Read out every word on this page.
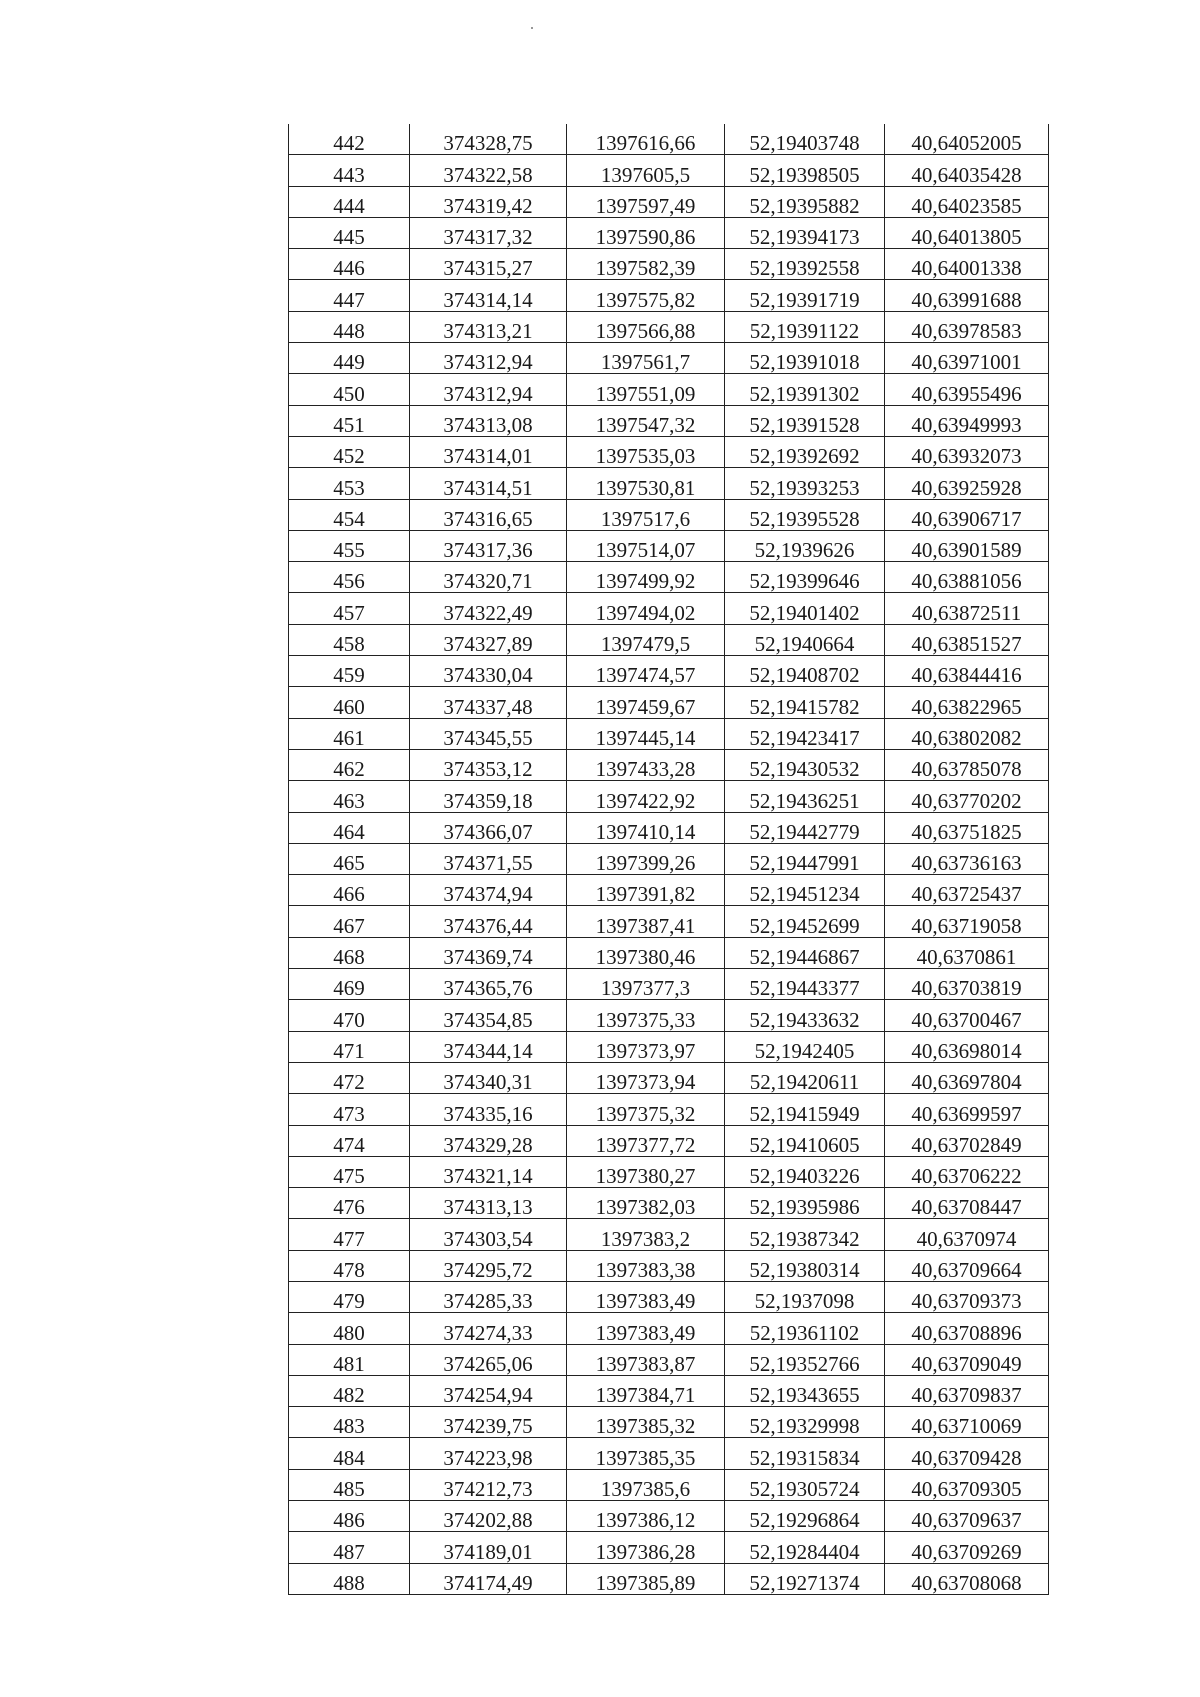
442	374328,75	1397616,66	52,19403748	40,64052005
443	374322,58	1397605,5	52,19398505	40,64035428
444	374319,42	1397597,49	52,19395882	40,64023585
445	374317,32	1397590,86	52,19394173	40,64013805
446	374315,27	1397582,39	52,19392558	40,64001338
447	374314,14	1397575,82	52,19391719	40,63991688
448	374313,21	1397566,88	52,19391122	40,63978583
449	374312,94	1397561,7	52,19391018	40,63971001
450	374312,94	1397551,09	52,19391302	40,63955496
451	374313,08	1397547,32	52,19391528	40,63949993
452	374314,01	1397535,03	52,19392692	40,63932073
453	374314,51	1397530,81	52,19393253	40,63925928
454	374316,65	1397517,6	52,19395528	40,63906717
455	374317,36	1397514,07	52,1939626	40,63901589
456	374320,71	1397499,92	52,19399646	40,63881056
457	374322,49	1397494,02	52,19401402	40,63872511
458	374327,89	1397479,5	52,1940664	40,63851527
459	374330,04	1397474,57	52,19408702	40,63844416
460	374337,48	1397459,67	52,19415782	40,63822965
461	374345,55	1397445,14	52,19423417	40,63802082
462	374353,12	1397433,28	52,19430532	40,63785078
463	374359,18	1397422,92	52,19436251	40,63770202
464	374366,07	1397410,14	52,19442779	40,63751825
465	374371,55	1397399,26	52,19447991	40,63736163
466	374374,94	1397391,82	52,19451234	40,63725437
467	374376,44	1397387,41	52,19452699	40,63719058
468	374369,74	1397380,46	52,19446867	40,6370861
469	374365,76	1397377,3	52,19443377	40,63703819
470	374354,85	1397375,33	52,19433632	40,63700467
471	374344,14	1397373,97	52,1942405	40,63698014
472	374340,31	1397373,94	52,19420611	40,63697804
473	374335,16	1397375,32	52,19415949	40,63699597
474	374329,28	1397377,72	52,19410605	40,63702849
475	374321,14	1397380,27	52,19403226	40,63706222
476	374313,13	1397382,03	52,19395986	40,63708447
477	374303,54	1397383,2	52,19387342	40,6370974
478	374295,72	1397383,38	52,19380314	40,63709664
479	374285,33	1397383,49	52,1937098	40,63709373
480	374274,33	1397383,49	52,19361102	40,63708896
481	374265,06	1397383,87	52,19352766	40,63709049
482	374254,94	1397384,71	52,19343655	40,63709837
483	374239,75	1397385,32	52,19329998	40,63710069
484	374223,98	1397385,35	52,19315834	40,63709428
485	374212,73	1397385,6	52,19305724	40,63709305
486	374202,88	1397386,12	52,19296864	40,63709637
487	374189,01	1397386,28	52,19284404	40,63709269
488	374174,49	1397385,89	52,19271374	40,63708068
